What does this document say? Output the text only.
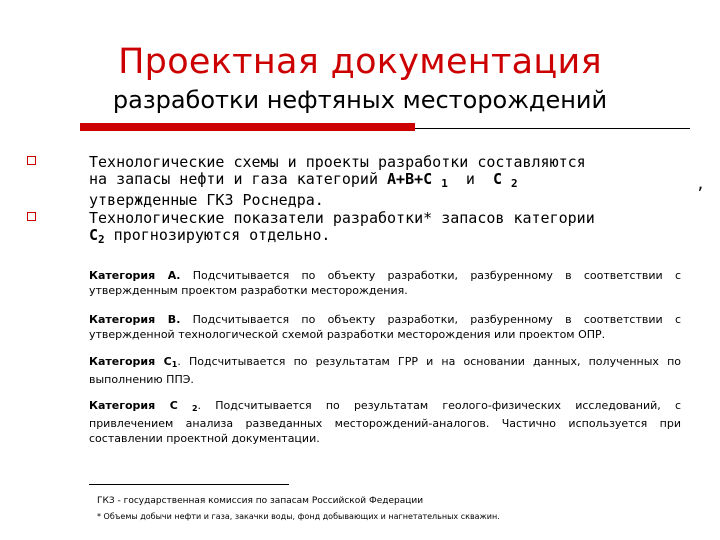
Проектная документация
разработки нефтяных месторождений
Технологические схемы и проекты разработки составляются
на запасы нефти и газа категорий А+В+С $_1$ и С $_2$
утвержденные ГКЗ Роснедра.
,
Технологические показатели разработки* запасов категории
$С_2$ прогнозируются отдельно.
Категория А. Подсчитывается по объекту разработки, разбуренному в соответствии с утвержденным проектом разработки месторождения.
Категория В. Подсчитывается по объекту разработки, разбуренному в соответствии с утвержденной технологической схемой разработки месторождения или проектом ОПР.
Категория С1. Подсчитывается по результатам ГРР и на основании данных, полученных по выполнению ППЭ.
Категория С 2. Подсчитывается по результатам геолого-физических исследований, с привлечением анализа разведанных месторождений-аналогов. Частично используется при составлении проектной документации.
ГКЗ - государственная комиссия по запасам Российской Федерации
* Объемы добычи нефти и газа, закачки воды, фонд добывающих и нагнетательных скважин.
